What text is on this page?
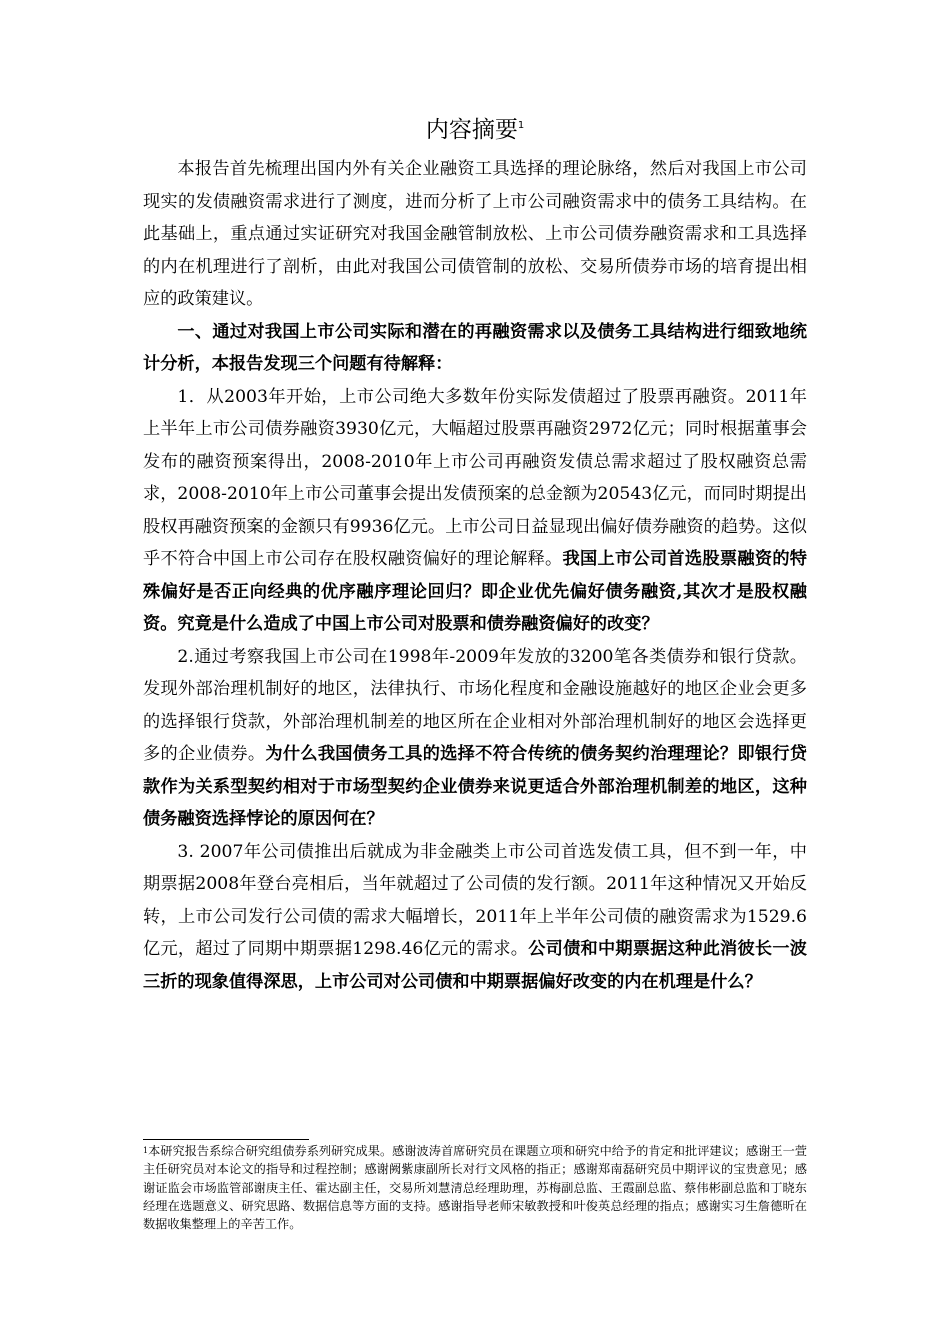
内容摘要$^1$

本报告首先梳理出国内外有关企业融资工具选择的理论脉络，然后对我国上市公司现实的发债融资需求进行了测度，进而分析了上市公司融资需求中的债务工具结构。在此基础上，重点通过实证研究对我国金融管制放松、上市公司债券融资需求和工具选择的内在机理进行了剖析，由此对我国公司债管制的放松、交易所债券市场的培育提出相应的政策建议。

一、通过对我国上市公司实际和潜在的再融资需求以及债务工具结构进行细致地统计分析，本报告发现三个问题有待解释：

1．从2003年开始，上市公司绝大多数年份实际发债超过了股票再融资。2011年上半年上市公司债券融资3930亿元，大幅超过股票再融资2972亿元；同时根据董事会发布的融资预案得出，2008-2010年上市公司再融资发债总需求超过了股权融资总需求，2008-2010年上市公司董事会提出发债预案的总金额为20543亿元，而同时期提出股权再融资预案的金额只有9936亿元。上市公司日益显现出偏好债券融资的趋势。这似乎不符合中国上市公司存在股权融资偏好的理论解释。我国上市公司首选股票融资的特殊偏好是否正向经典的优序融序理论回归？即企业优先偏好债务融资,其次才是股权融资。究竟是什么造成了中国上市公司对股票和债券融资偏好的改变？

2.通过考察我国上市公司在1998年-2009年发放的3200笔各类债券和银行贷款。发现外部治理机制好的地区，法律执行、市场化程度和金融设施越好的地区企业会更多的选择银行贷款，外部治理机制差的地区所在企业相对外部治理机制好的地区会选择更多的企业债券。为什么我国债务工具的选择不符合传统的债务契约治理理论？即银行贷款作为关系型契约相对于市场型契约企业债券来说更适合外部治理机制差的地区，这种债务融资选择悖论的原因何在？

3. 2007年公司债推出后就成为非金融类上市公司首选发债工具，但不到一年，中期票据2008年登台亮相后，当年就超过了公司债的发行额。2011年这种情况又开始反转，上市公司发行公司债的需求大幅增长，2011年上半年公司债的融资需求为1529.6亿元，超过了同期中期票据1298.46亿元的需求。公司债和中期票据这种此消彼长一波三折的现象值得深思，上市公司对公司债和中期票据偏好改变的内在机理是什么？

$^1$本研究报告系综合研究组债券系列研究成果。感谢波涛首席研究员在课题立项和研究中给予的肯定和批评建议；感谢王一萱主任研究员对本论文的指导和过程控制；感谢阙紫康副所长对行文风格的指正；感谢郑南磊研究员中期评议的宝贵意见；感谢证监会市场监管部谢庚主任、霍达副主任，交易所刘慧清总经理助理，苏梅副总监、王霞副总监、蔡伟彬副总监和丁晓东经理在选题意义、研究思路、数据信息等方面的支持。感谢指导老师宋敏教授和叶俊英总经理的指点；感谢实习生詹德昕在数据收集整理上的辛苦工作。
